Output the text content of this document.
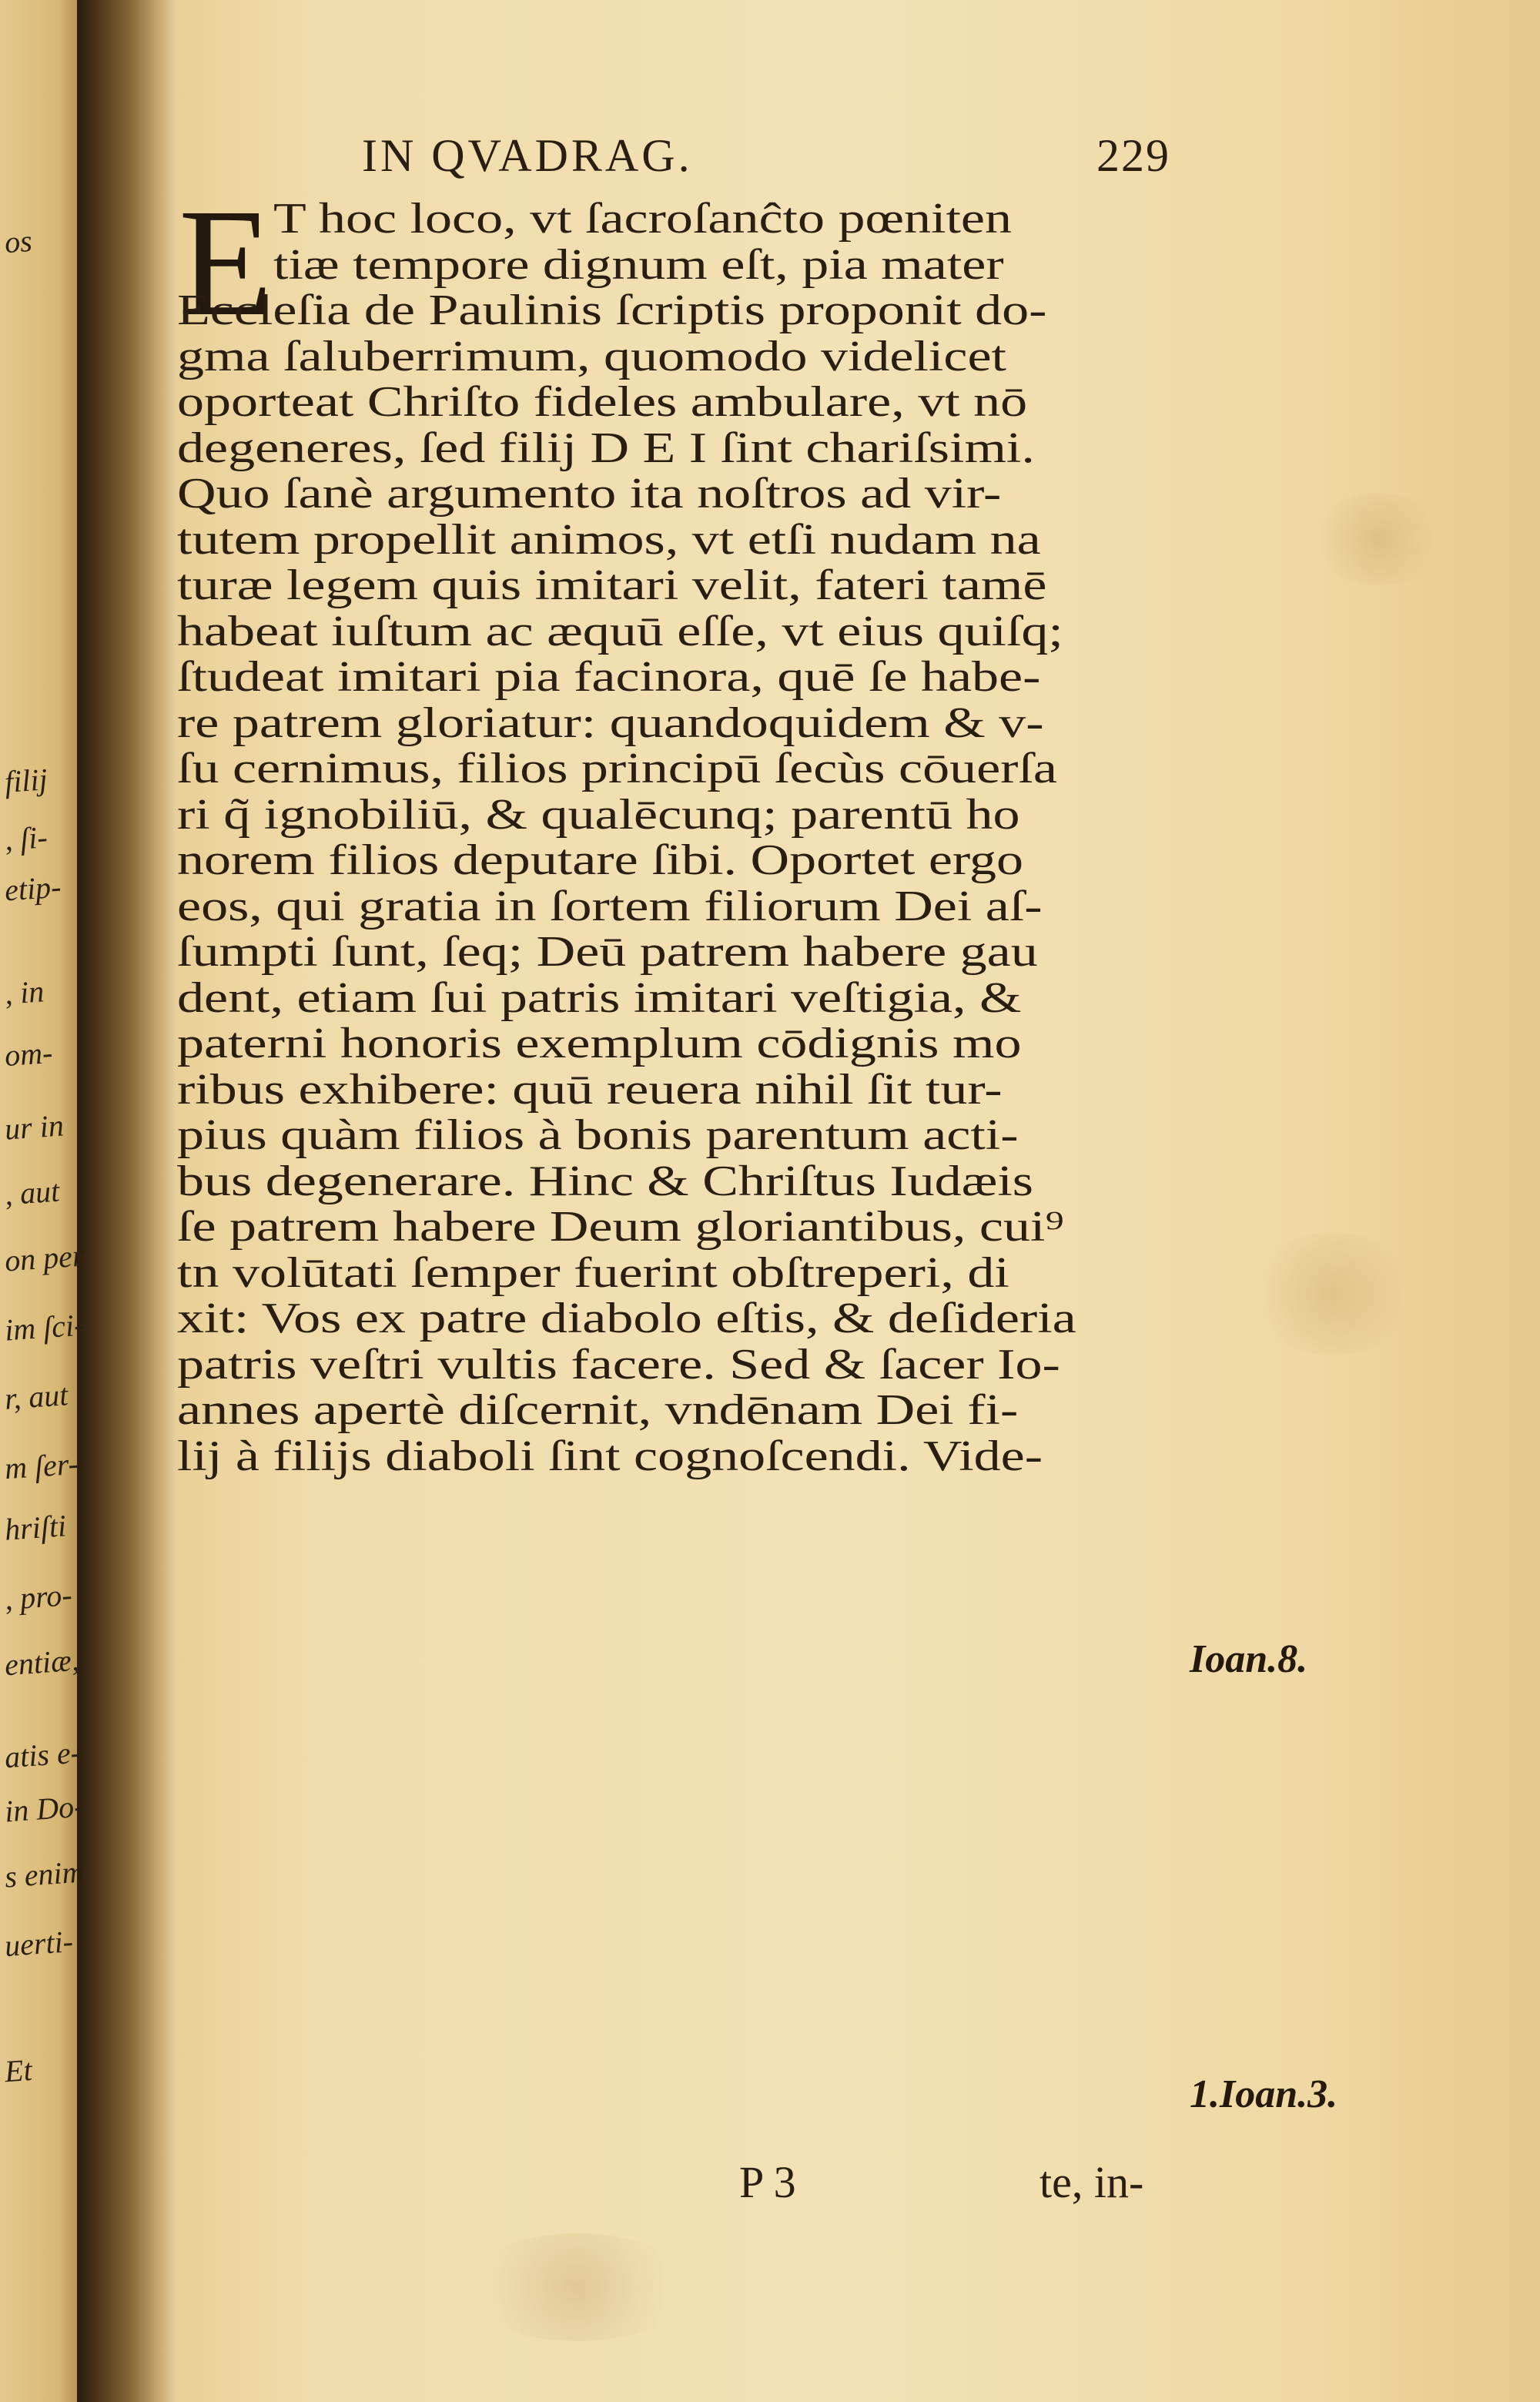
os
filij
, ſi-
etip-
, in
om-
ur in
, aut
on per
im ſci-
r, aut
m ſer-
hriſti
, pro-
entiæ,
atis e-
in Do-
s enim
uerti-
Et
IN QVADRAG.	229
E T hoc loco, vt ſacroſanĉto pœniten
tiæ tempore dignum eſt, pia mater
Eccleſia de Paulinis ſcriptis proponit do-
gma ſaluberrimum, quomodo videlicet
oporteat Chriſto fideles ambulare, vt nō
degeneres, ſed filij D E I ſint chariſsimi.
Quo ſanè argumento ita noſtros ad vir-
tutem propellit animos, vt etſi nudam na
turæ legem quis imitari velit, fateri tamē
habeat iuſtum ac æquū eſſe, vt eius quiſq;
ſtudeat imitari pia facinora, quē ſe habe-
re patrem gloriatur: quandoquidem & v-
ſu cernimus, filios principū ſecùs cōuerſa
ri q̃ ignobiliū, & qualēcunq; parentū ho
norem filios deputare ſibi. Oportet ergo
eos, qui gratia in ſortem filiorum Dei aſ-
ſumpti ſunt, ſeq; Deū patrem habere gau
dent, etiam ſui patris imitari veſtigia, &
paterni honoris exemplum cōdignis mo
ribus exhibere: quū reuera nihil ſit tur-
pius quàm filios à bonis parentum acti-
bus degenerare. Hinc & Chriſtus Iudæis
ſe patrem habere Deum gloriantibus, cui⁹
tn volūtati ſemper fuerint obſtreperi, di
xit: Vos ex patre diabolo eſtis, & deſideria
patris veſtri vultis facere. Sed & ſacer Io-
annes apertè diſcernit, vndēnam Dei fi-
lij à filijs diaboli ſint cognoſcendi. Vide-
Ioan.8.
1.Ioan.3.
P 3	te, in-
